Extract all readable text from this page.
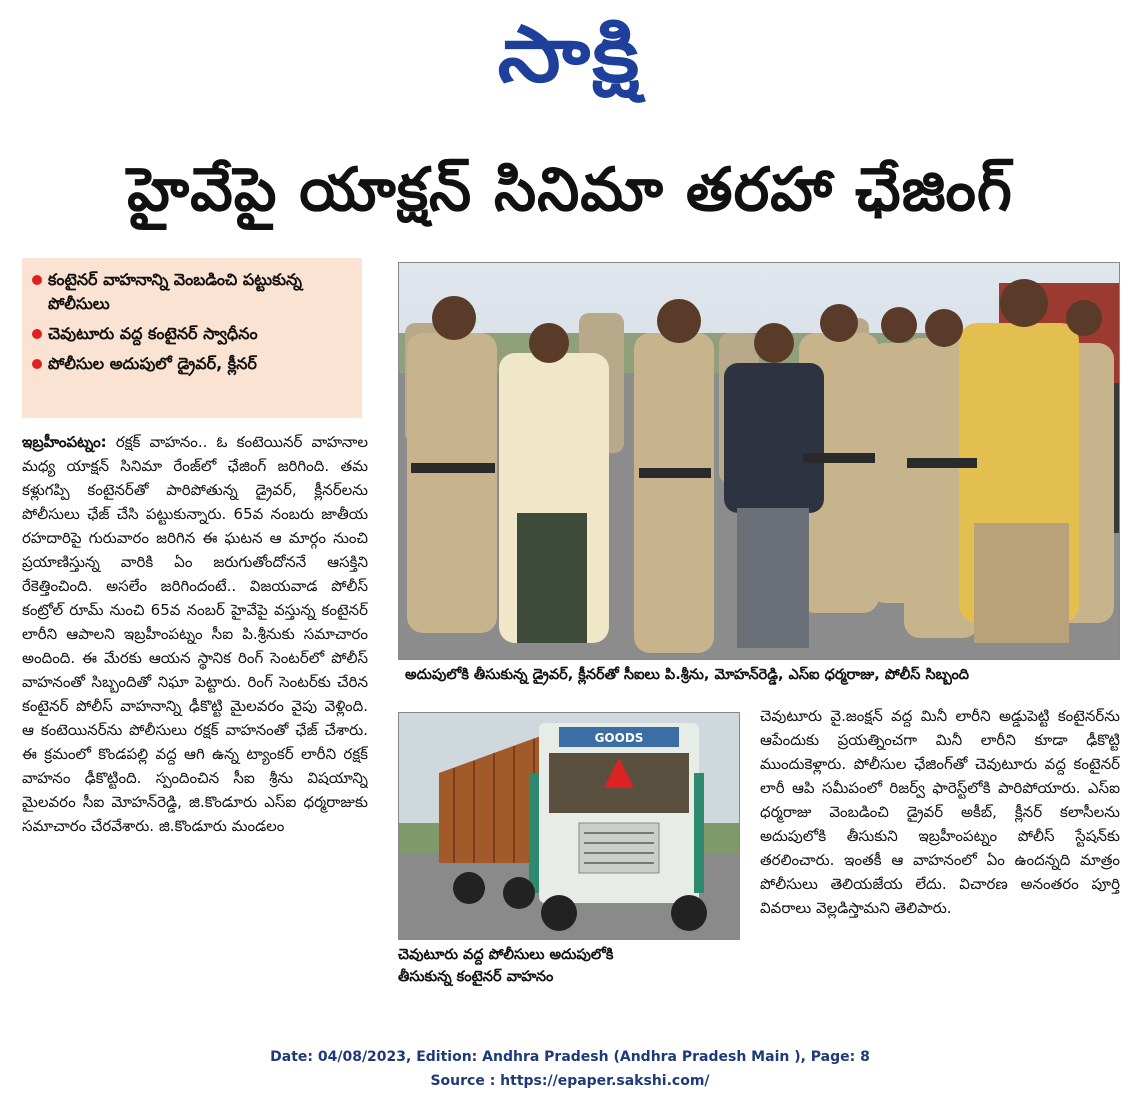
సాక్షి
హైవేపై యాక్షన్ సినిమా తరహా ఛేజింగ్
కంటైనర్ వాహనాన్ని వెంబడించి పట్టుకున్న పోలీసులు
చెవుటూరు వద్ద కంటైనర్ స్వాధీనం
పోలీసుల అదుపులో డ్రైవర్, క్లీనర్

ఇబ్రహీంపట్నం: రక్షక్ వాహనం.. ఓ కంటెయినర్ వాహనాల మధ్య యాక్షన్ సినిమా రేంజ్‌లో ఛేజింగ్ జరిగింది. తమ కళ్లుగప్పి కంటైనర్‌తో పారిపోతున్న డ్రైవర్, క్లీనర్‌లను పోలీసులు ఛేజ్ చేసి పట్టుకున్నారు. 65వ నంబరు జాతీయ రహదారిపై గురువారం జరిగిన ఈ ఘటన ఆ మార్గం నుంచి ప్రయాణిస్తున్న వారికి ఏం జరుగుతోందోననే ఆసక్తిని రేకెత్తించింది. అసలేం జరిగిందంటే.. విజయవాడ పోలీస్ కంట్రోల్ రూమ్ నుంచి 65వ నంబర్ హైవేపై వస్తున్న కంటైనర్ లారీని ఆపాలని ఇబ్రహీంపట్నం సీఐ పి.శ్రీనుకు సమాచారం అందింది. ఈ మేరకు ఆయన స్థానిక రింగ్ సెంటర్‌లో పోలీస్ వాహనంతో సిబ్బందితో నిఘా పెట్టారు. రింగ్ సెంటర్‌కు చేరిన కంటైనర్ పోలీస్ వాహనాన్ని ఢీకొట్టి మైలవరం వైపు వెళ్లింది. ఆ కంటెయినర్‌ను పోలీసులు రక్షక్ వాహనంతో ఛేజ్ చేశారు. ఈ క్రమంలో కొండపల్లి వద్ద ఆగి ఉన్న ట్యాంకర్ లారీని రక్షక్ వాహనం ఢీకొట్టింది. స్పందించిన సీఐ శ్రీను విషయాన్ని మైలవరం సీఐ మోహన్‌రెడ్డి, జి.కొండూరు ఎస్ఐ ధర్మరాజుకు సమాచారం చేరవేశారు. జి.కొండూరు మండలం

అదుపులోకి తీసుకున్న డ్రైవర్, క్లీనర్‌తో సీఐలు పి.శ్రీను, మోహన్‌రెడ్డి, ఎస్ఐ ధర్మరాజు, పోలీస్ సిబ్బంది
GOODS
చెవుటూరు వద్ద పోలీసులు అదుపులోకి
తీసుకున్న కంటైనర్ వాహనం

చెవుటూరు వై.జంక్షన్ వద్ద మినీ లారీని అడ్డుపెట్టి కంటైనర్‌ను ఆపేందుకు ప్రయత్నించగా మినీ లారీని కూడా ఢీకొట్టి ముందుకెళ్లారు. పోలీసుల ఛేజింగ్‌తో చెవుటూరు వద్ద కంటైనర్ లారీ ఆపి సమీపంలో రిజర్వ్ ఫారెస్ట్‌లోకి పారిపోయారు. ఎస్ఐ ధర్మరాజు వెంబడించి డ్రైవర్ అకీబ్, క్లీనర్ కలాసీలను అదుపులోకి తీసుకుని ఇబ్రహీంపట్నం పోలీస్ స్టేషన్‌కు తరలించారు. ఇంతకీ ఆ వాహనంలో ఏం ఉందన్నది మాత్రం పోలీసులు తెలియజేయ లేదు. విచారణ అనంతరం పూర్తి వివరాలు వెల్లడిస్తామని తెలిపారు.

Date: 04/08/2023, Edition: Andhra Pradesh (Andhra Pradesh Main ), Page: 8
Source : https://epaper.sakshi.com/
